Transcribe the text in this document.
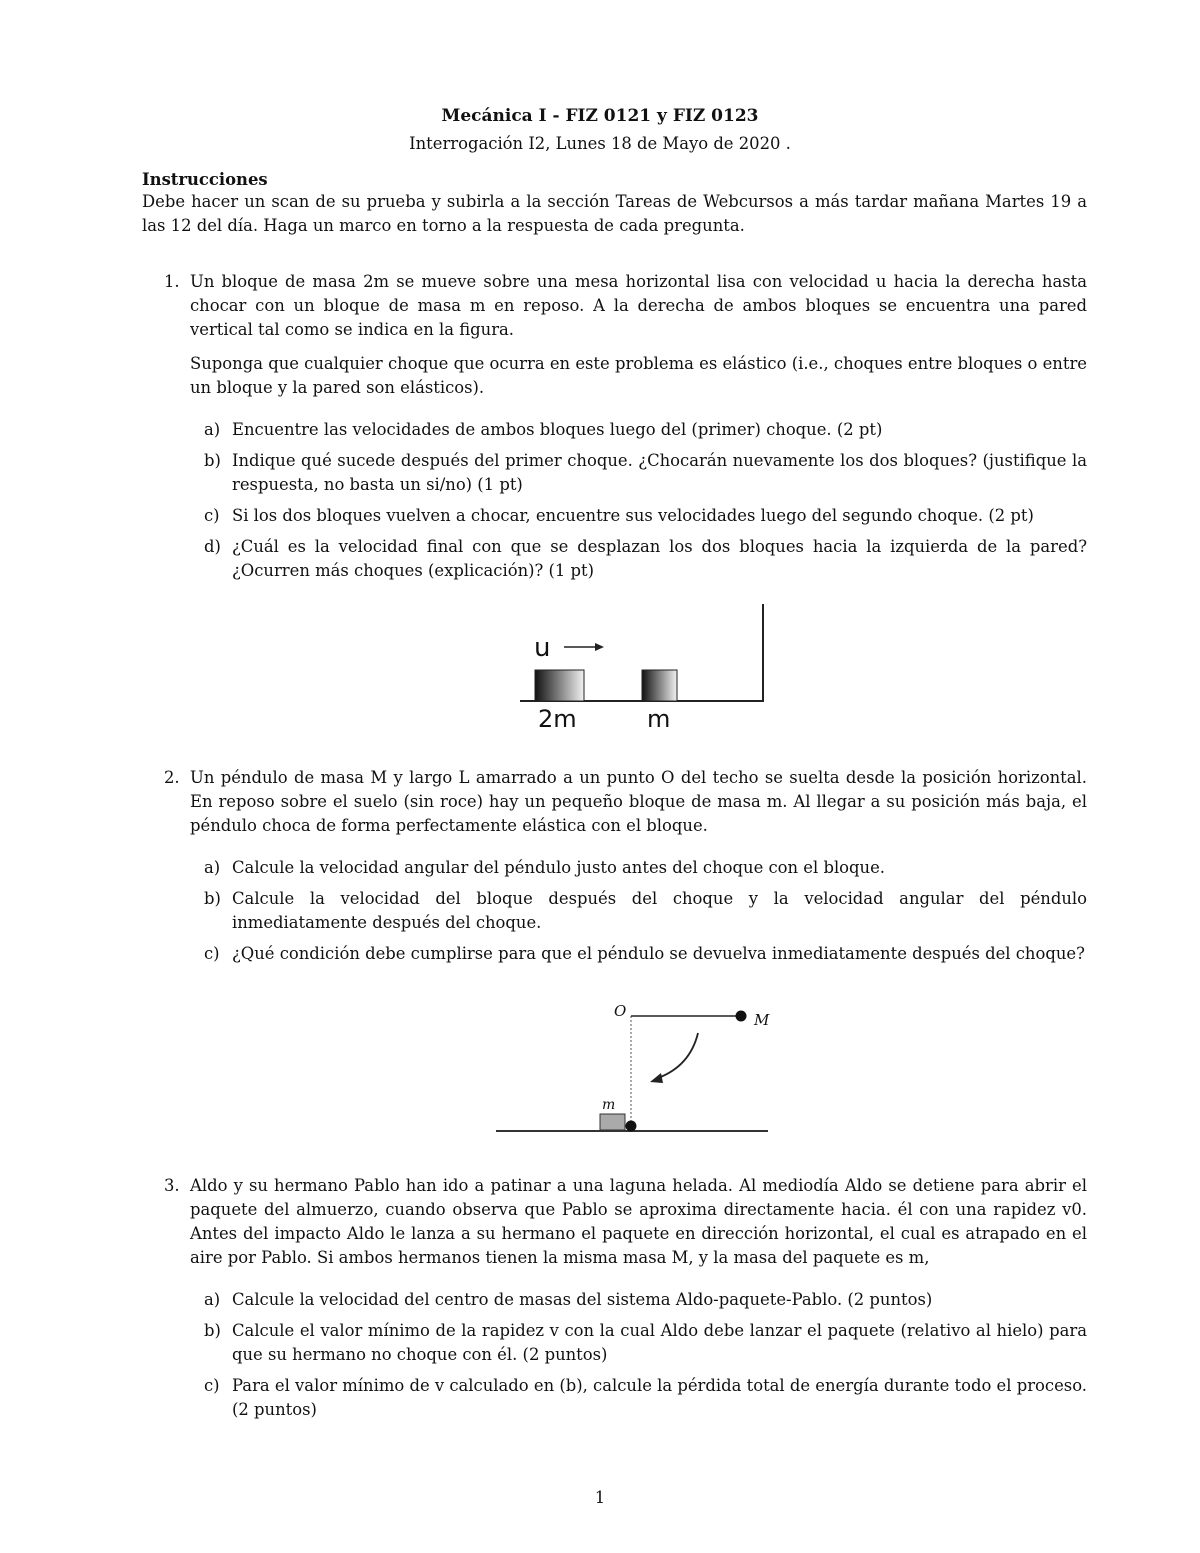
Mecánica I - FIZ 0121 y FIZ 0123
Interrogación I2, Lunes 18 de Mayo de 2020 .
Instrucciones
Debe hacer un scan de su prueba y subirla a la sección Tareas de Webcursos a más tardar mañana Martes 19 a las 12 del día. Haga un marco en torno a la respuesta de cada pregunta.
1. Un bloque de masa 2m se mueve sobre una mesa horizontal lisa con velocidad u hacia la derecha hasta chocar con un bloque de masa m en reposo. A la derecha de ambos bloques se encuentra una pared vertical tal como se indica en la figura.

Suponga que cualquier choque que ocurra en este problema es elástico (i.e., choques entre bloques o entre un bloque y la pared son elásticos).

a) Encuentre las velocidades de ambos bloques luego del (primer) choque. (2 pt)
b) Indique qué sucede después del primer choque. ¿Chocarán nuevamente los dos bloques? (justifique la respuesta, no basta un si/no) (1 pt)
c) Si los dos bloques vuelven a chocar, encuentre sus velocidades luego del segundo choque. (2 pt)
d) ¿Cuál es la velocidad final con que se desplazan los dos bloques hacia la izquierda de la pared? ¿Ocurren más choques (explicación)? (1 pt)
u
2m	m
2. Un péndulo de masa M y largo L amarrado a un punto O del techo se suelta desde la posición horizontal. En reposo sobre el suelo (sin roce) hay un pequeño bloque de masa m. Al llegar a su posición más baja, el péndulo choca de forma perfectamente elástica con el bloque.

a) Calcule la velocidad angular del péndulo justo antes del choque con el bloque.
b) Calcule la velocidad del bloque después del choque y la velocidad angular del péndulo inmediatamente después del choque.
c) ¿Qué condición debe cumplirse para que el péndulo se devuelva inmediatamente después del choque?
O	M
m
3. Aldo y su hermano Pablo han ido a patinar a una laguna helada. Al mediodía Aldo se detiene para abrir el paquete del almuerzo, cuando observa que Pablo se aproxima directamente hacia. él con una rapidez v0. Antes del impacto Aldo le lanza a su hermano el paquete en dirección horizontal, el cual es atrapado en el aire por Pablo. Si ambos hermanos tienen la misma masa M, y la masa del paquete es m,

a) Calcule la velocidad del centro de masas del sistema Aldo-paquete-Pablo. (2 puntos)
b) Calcule el valor mínimo de la rapidez v con la cual Aldo debe lanzar el paquete (relativo al hielo) para que su hermano no choque con él. (2 puntos)
c) Para el valor mínimo de v calculado en (b), calcule la pérdida total de energía durante todo el proceso. (2 puntos)
1
